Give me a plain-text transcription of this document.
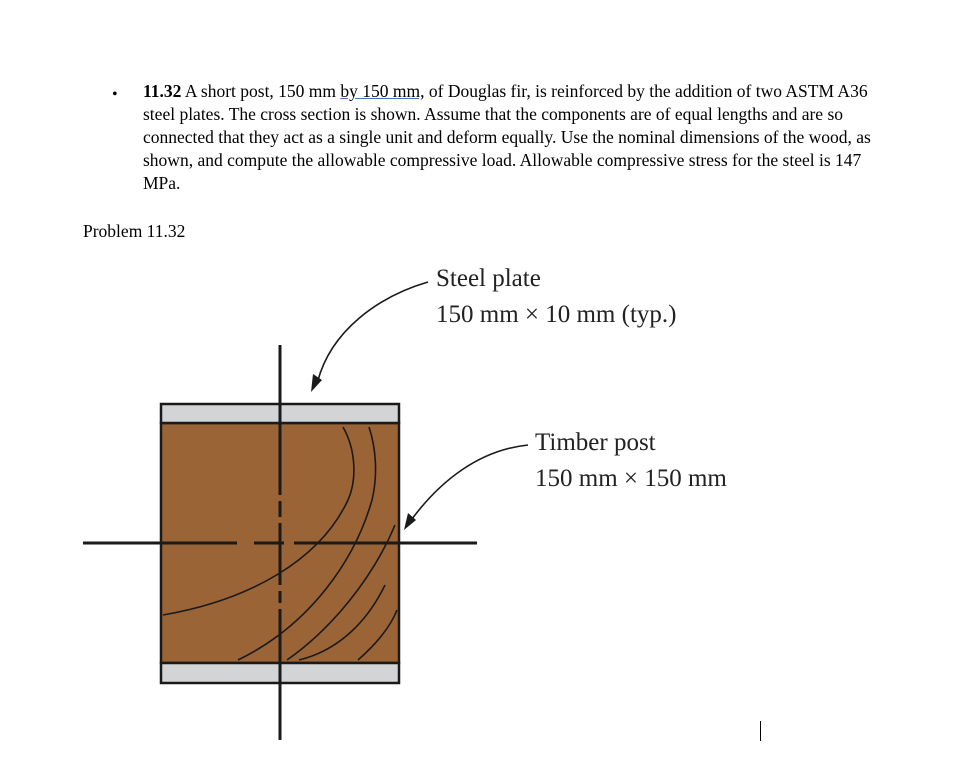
• 11.32 A short post, 150 mm by 150 mm, of Douglas fir, is reinforced by the addition of two ASTM A36 steel plates. The cross section is shown. Assume that the components are of equal lengths and are so connected that they act as a single unit and deform equally. Use the nominal dimensions of the wood, as shown, and compute the allowable compressive load. Allowable compressive stress for the steel is 147 MPa.
Problem 11.32
Steel plate
150 mm × 10 mm (typ.)
Timber post
150 mm × 150 mm
